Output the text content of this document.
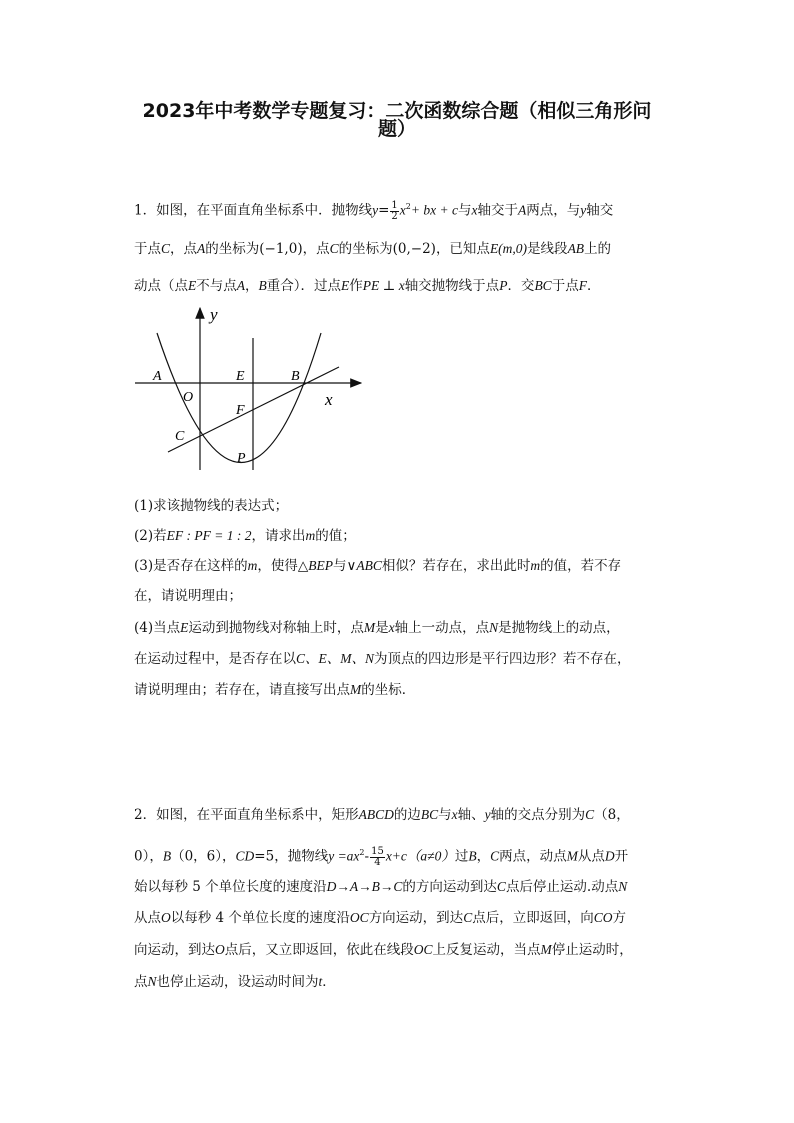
2023年中考数学专题复习：二次函数综合题（相似三角形问
题）
1．如图，在平面直角坐标系中．抛物线$y= \frac{1}{2} x^2+$ bx + c与x轴交于A两点，与y轴交
于点C，点A的坐标为(−1,0)，点C的坐标为(0,−2)，已知点E(m,0)是线段AB上的
动点（点E不与点A，B重合）．过点E作PE ⊥ x轴交抛物线于点P．交BC于点F．
y
x
A
O
E	B
F
C
P
(1)求该抛物线的表达式；
(2)若EF : PF = 1 : 2，请求出m的值；
(3)是否存在这样的m，使得△BEP与∨ABC相似？若存在，求出此时m的值，若不存
在，请说明理由；
(4)当点E运动到抛物线对称轴上时，点M是x轴上一动点，点N是抛物线上的动点，
在运动过程中，是否存在以C、E、M、N为顶点的四边形是平行四边形？若不存在，
请说明理由；若存在，请直接写出点M的坐标．
2．如图，在平面直角坐标系中，矩形ABCD的边BC与x轴、y轴的交点分别为C（8，
0），B（0，6），CD=5，抛物线$y =ax^2- \frac{15}{4} x+c(a\ne 0)$过B，C两点，动点M从点D开
始以每秒 5 个单位长度的速度沿D→A→B→C的方向运动到达C点后停止运动.动点N
从点O以每秒 4 个单位长度的速度沿OC方向运动，到达C点后，立即返回，向CO方
向运动，到达O点后，又立即返回，依此在线段OC上反复运动，当点M停止运动时，
点N也停止运动，设运动时间为t．
